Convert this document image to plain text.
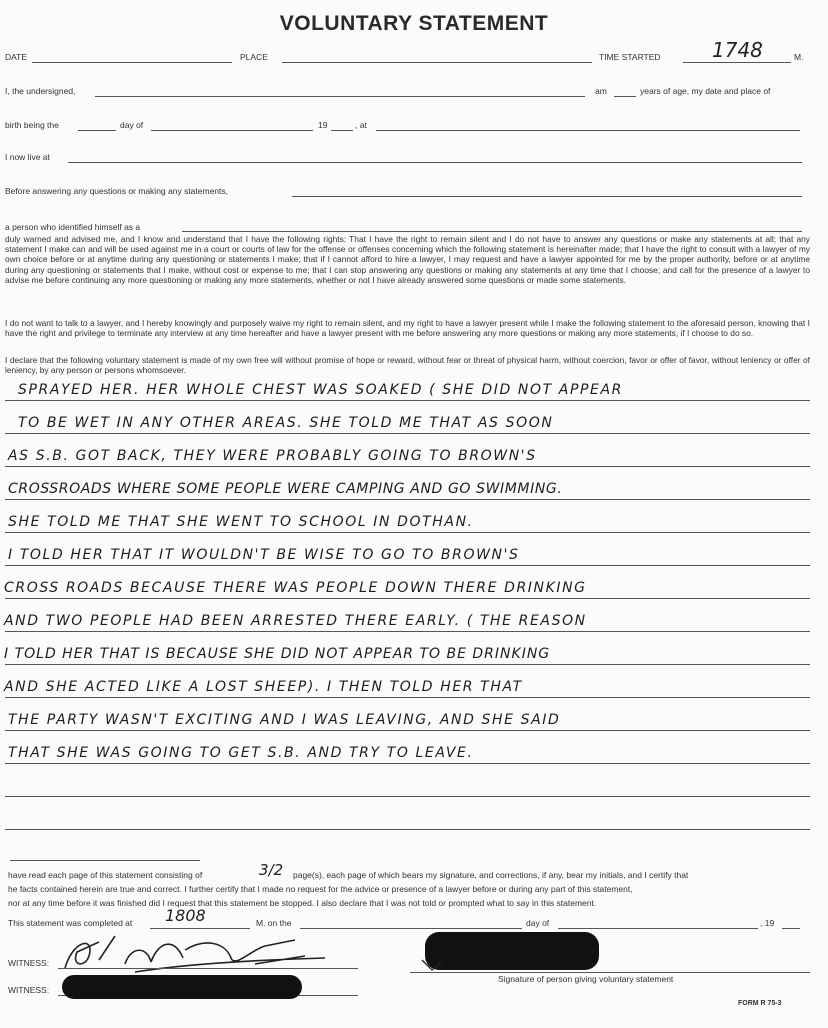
VOLUNTARY STATEMENT
DATE	PLACE	TIME STARTED	1748	M.
I, the undersigned,	am	years of age, my date and place of
birth being the	day of	19	, at
I now live at
Before answering any questions or making any statements,
a person who identified himself as a
duly warned and advised me, and I know and understand that I have the following rights: That I have the right to remain silent and I do not have to answer any questions or make any statements at all; that any statement I make can and will be used against me in a court or courts of law for the offense or offenses concerning which the following statement is hereinafter made; that I have the right to consult with a lawyer of my own choice before or at anytime during any questioning or statements I make; that if I cannot afford to hire a lawyer, I may request and have a lawyer appointed for me by the proper authority, before or at anytime during any questioning or statements that I make, without cost or expense to me; that I can stop answering any questions or making any statements at any time that I choose; and call for the presence of a lawyer to advise me before continuing any more questioning or making any more statements, whether or not I have already answered some questions or made some statements.
I do not want to talk to a lawyer, and I hereby knowingly and purposely waive my right to remain silent, and my right to have a lawyer present while I make the following statement to the aforesaid person, knowing that I have the right and privilege to terminate any interview at any time hereafter and have a lawyer present with me before answering any more questions or making any more statements, if I choose to do so.
I declare that the following voluntary statement is made of my own free will without promise of hope or reward, without fear or threat of physical harm, without coercion, favor or offer of favor, without leniency or offer of leniency, by any person or persons whomsoever.
SPRAYED HER. HER WHOLE CHEST WAS SOAKED ( SHE DID NOT APPEAR
TO BE WET IN ANY OTHER AREAS. SHE TOLD ME THAT AS SOON
AS S.B. GOT BACK, THEY WERE PROBABLY GOING TO BROWN'S
CROSSROADS WHERE SOME PEOPLE WERE CAMPING AND GO SWIMMING.
SHE TOLD ME THAT SHE WENT TO SCHOOL IN DOTHAN.
I TOLD HER THAT IT WOULDN'T BE WISE TO GO TO BROWN'S
CROSS ROADS BECAUSE THERE WAS PEOPLE DOWN THERE DRINKING
AND TWO PEOPLE HAD BEEN ARRESTED THERE EARLY. ( THE REASON
I TOLD HER THAT IS BECAUSE SHE DID NOT APPEAR TO BE DRINKING
AND SHE ACTED LIKE A LOST SHEEP). I THEN TOLD HER THAT
THE PARTY WASN'T EXCITING AND I WAS LEAVING, AND SHE SAID
THAT SHE WAS GOING TO GET S.B. AND TRY TO LEAVE.
have read each page of this statement consisting of	3/2 page(s), each page of which bears my signature, and corrections, if any, bear my initials, and I certify that
he facts contained herein are true and correct. I further certify that I made no request for the advice or presence of a lawyer before or during any part of this statement,
nor at any time before it was finished did I request that this statement be stopped. I also declare that I was not told or prompted what to say in this statement.
This statement was completed at 1808	M. on the	day of	, 19
WITNESS:
Signature of person giving voluntary statement
WITNESS:
FORM R 75-3
